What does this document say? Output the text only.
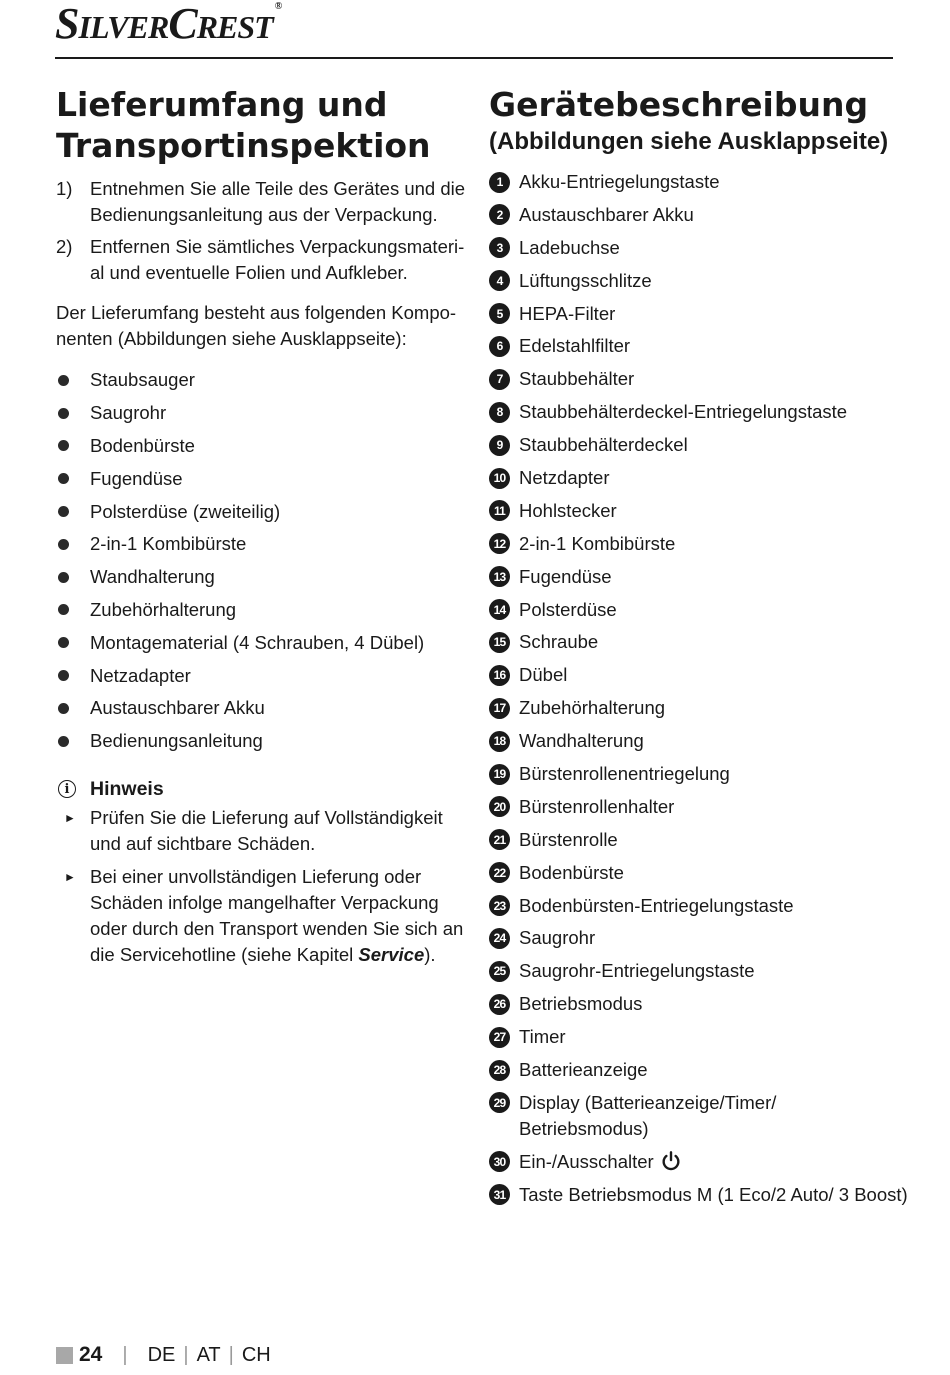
SILVERCREST®
Lieferumfang und
Transportinspektion
1) Entnehmen Sie alle Teile des Gerätes und die Bedienungsanleitung aus der Verpackung.
2) Entfernen Sie sämtliches Verpackungsmaterial und eventuelle Folien und Aufkleber.
Der Lieferumfang besteht aus folgenden Komponenten (Abbildungen siehe Ausklappseite):
Staubsauger
Saugrohr
Bodenbürste
Fugendüse
Polsterdüse (zweiteilig)
2-in-1 Kombibürste
Wandhalterung
Zubehörhalterung
Montagematerial (4 Schrauben, 4 Dübel)
Netzadapter
Austauschbarer Akku
Bedienungsanleitung
i	Hinweis
► Prüfen Sie die Lieferung auf Vollständigkeit und auf sichtbare Schäden.
► Bei einer unvollständigen Lieferung oder Schäden infolge mangelhafter Verpackung oder durch den Transport wenden Sie sich an die Servicehotline (siehe Kapitel Service).
Gerätebeschreibung
(Abbildungen siehe Ausklappseite)
1 Akku-Entriegelungstaste
2 Austauschbarer Akku
3 Ladebuchse
4 Lüftungsschlitze
5 HEPA-Filter
6 Edelstahlfilter
7 Staubbehälter
8 Staubbehälterdeckel-Entriegelungstaste
9 Staubbehälterdeckel
10 Netzdapter
11 Hohlstecker
12 2-in-1 Kombibürste
13 Fugendüse
14 Polsterdüse
15 Schraube
16 Dübel
17 Zubehörhalterung
18 Wandhalterung
19 Bürstenrollenentriegelung
20 Bürstenrollenhalter
21 Bürstenrolle
22 Bodenbürste
23 Bodenbürsten-Entriegelungstaste
24 Saugrohr
25 Saugrohr-Entriegelungstaste
26 Betriebsmodus
27 Timer
28 Batterieanzeige
29 Display (Batterieanzeige/Timer/ Betriebsmodus)
30 Ein-/Ausschalter
31 Taste Betriebsmodus M (1 Eco/2 Auto/ 3 Boost)
24 | DE | AT | CH
